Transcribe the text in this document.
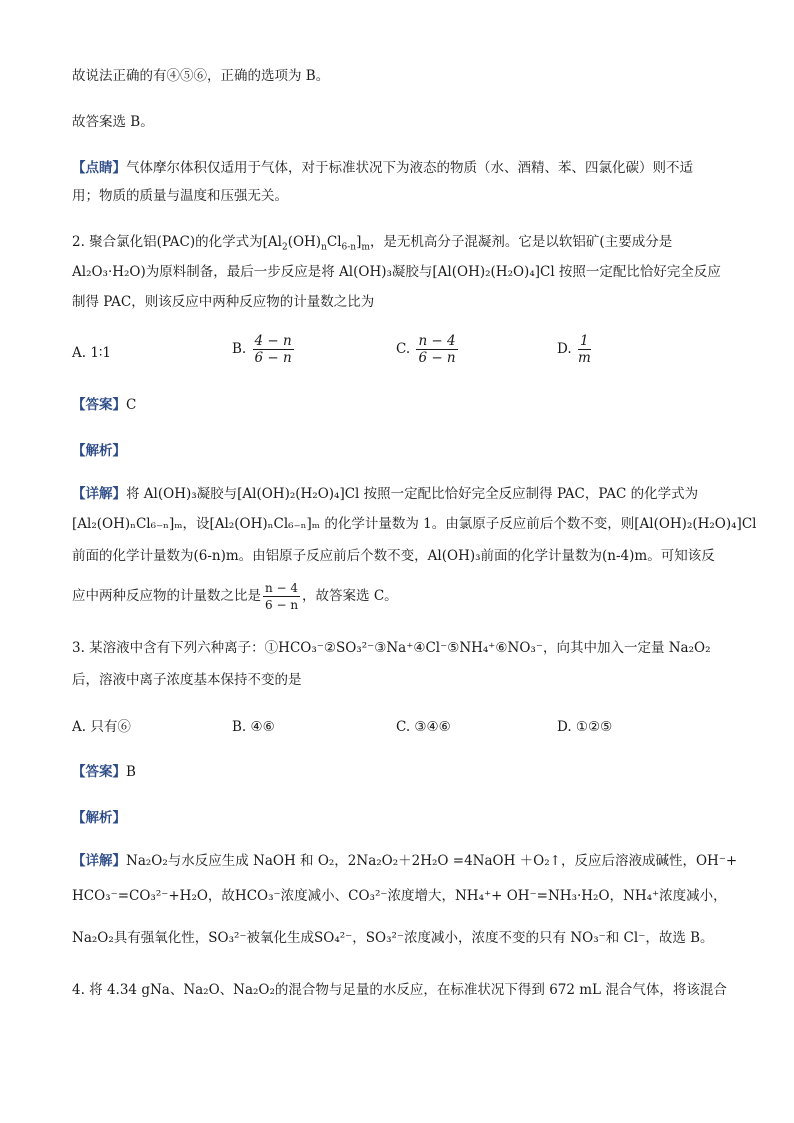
故说法正确的有④⑤⑥，正确的选项为 B。
故答案选 B。
【点睛】气体摩尔体积仅适用于气体，对于标准状况下为液态的物质（水、酒精、苯、四氯化碳）则不适
用；物质的质量与温度和压强无关。
2. 聚合氯化铝(PAC)的化学式为$[Al_2(OH)_nCl_{6-n}]_m$，是无机高分子混凝剂。它是以软铝矿(主要成分是
Al₂O₃·H₂O)为原料制备，最后一步反应是将 Al(OH)₃凝胶与[Al(OH)₂(H₂O)₄]Cl 按照一定配比恰好完全反应
制得 PAC，则该反应中两种反应物的计量数之比为
A. 1∶1	B. $\frac{4 - n}{6 - n}$	C. $\frac{n - 4}{6 - n}$	D. $\frac{1}{m}$
【答案】C
【解析】
【详解】将 Al(OH)₃凝胶与[Al(OH)₂(H₂O)₄]Cl 按照一定配比恰好完全反应制得 PAC，PAC 的化学式为
[Al₂(OH)ₙCl₆₋ₙ]ₘ，设[Al₂(OH)ₙCl₆₋ₙ]ₘ 的化学计量数为 1。由氯原子反应前后个数不变，则[Al(OH)₂(H₂O)₄]Cl
前面的化学计量数为(6-n)m。由铝原子反应前后个数不变，Al(OH)₃前面的化学计量数为(n-4)m。可知该反
应中两种反应物的计量数之比是 $\frac{n - 4}{6 - n}$ ，故答案选 C。
3. 某溶液中含有下列六种离子：①HCO₃⁻②SO₃²⁻③Na⁺④Cl⁻⑤NH₄⁺⑥NO₃⁻，向其中加入一定量 Na₂O₂
后，溶液中离子浓度基本保持不变的是
A. 只有⑥	B. ④⑥	C. ③④⑥	D. ①②⑤
【答案】B
【解析】
【详解】Na₂O₂与水反应生成 NaOH 和 O₂，2Na₂O₂＋2H₂O =4NaOH ＋O₂↑，反应后溶液成碱性，OH⁻+
HCO₃⁻=CO₃²⁻+H₂O，故HCO₃⁻浓度减小、CO₃²⁻浓度增大，NH₄⁺+ OH⁻=NH₃·H₂O，NH₄⁺浓度减小，
Na₂O₂具有强氧化性，SO₃²⁻被氧化生成SO₄²⁻，SO₃²⁻浓度减小，浓度不变的只有 NO₃⁻和 Cl⁻，故选 B。
4. 将 4.34 gNa、Na₂O、Na₂O₂的混合物与足量的水反应，在标准状况下得到 672 mL 混合气体，将该混合
